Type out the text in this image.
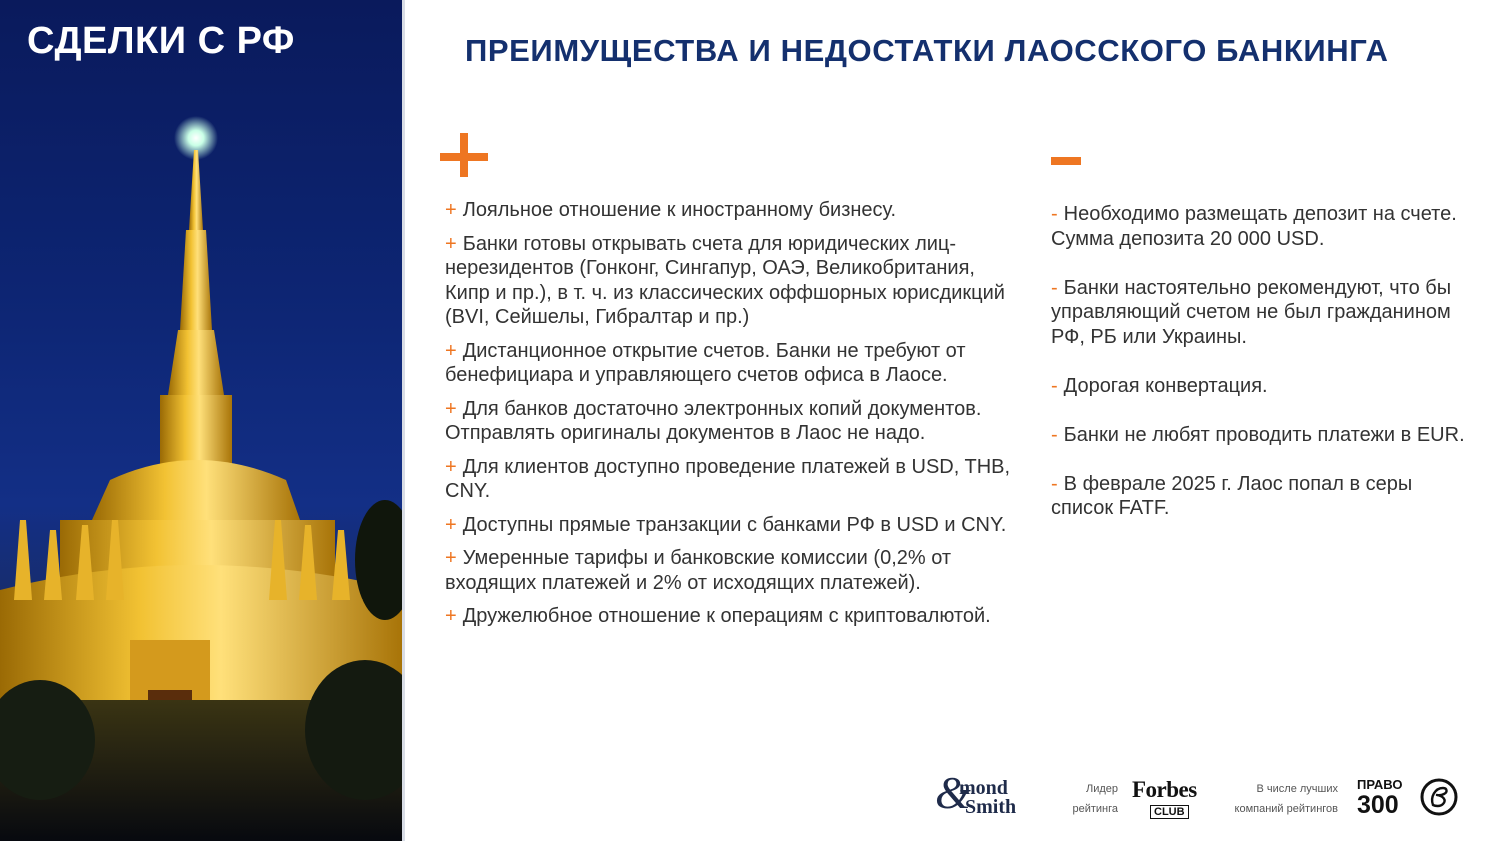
СДЕЛКИ С РФ	ПРЕИМУЩЕСТВА И НЕДОСТАТКИ ЛАОССКОГО БАНКИНГА
+ Лояльное отношение к иностранному бизнесу.
+ Банки готовы открывать счета для юридических лиц-нерезидентов (Гонконг, Сингапур, ОАЭ, Великобритания, Кипр и пр.), в т. ч. из классических оффшорных юрисдикций (BVI, Сейшелы, Гибралтар и пр.)
+ Дистанционное открытие счетов. Банки не требуют от бенефициара и управляющего счетов офиса в Лаосе.
+ Для банков достаточно электронных копий документов. Отправлять оригиналы документов в Лаос не надо.
+ Для клиентов доступно проведение платежей в USD, THB, CNY.
+ Доступны прямые транзакции с банками РФ в USD и CNY.
+ Умеренные тарифы и банковские комиссии (0,2% от входящих платежей и 2% от исходящих платежей).
+ Дружелюбное отношение к операциям с криптовалютой.
- Необходимо размещать депозит на счете. Сумма депозита 20 000 USD.
- Банки настоятельно рекомендуют, что бы управляющий счетом не был гражданином РФ, РБ или Украины.
- Дорогая конвертация.
- Банки не любят проводить платежи в EUR.
- В феврале 2025 г. Лаос попал в серы список FATF.
&
mond
Smith
Лидер
рейтинга
Forbes
CLUB
В числе лучших
компаний рейтингов
ПРАВО
300
